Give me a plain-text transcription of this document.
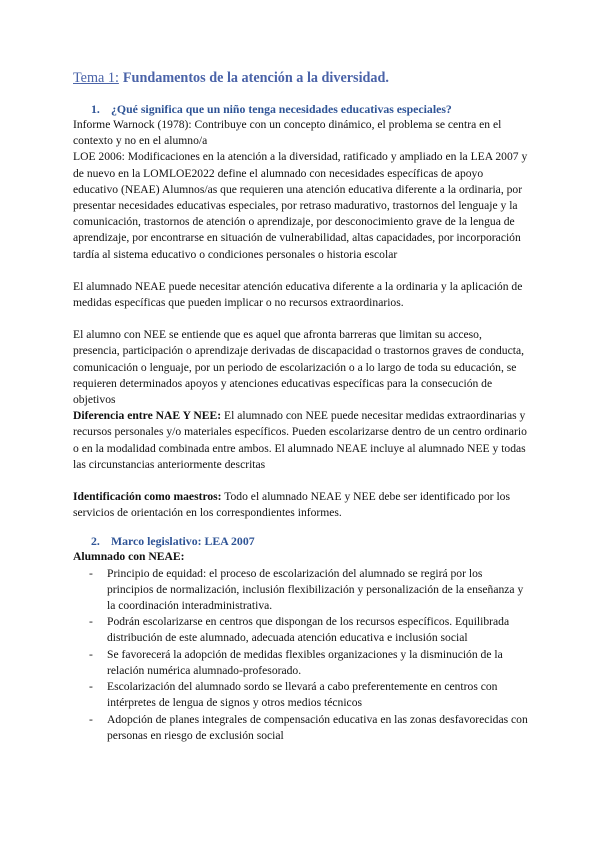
Tema 1: Fundamentos de la atención a la diversidad.
1. ¿Qué significa que un niño tenga necesidades educativas especiales?

Informe Warnock (1978): Contribuye con un concepto dinámico, el problema se centra en el contexto y no en el alumno/a

LOE 2006: Modificaciones en la atención a la diversidad, ratificado y ampliado en la LEA 2007 y de nuevo en la LOMLOE2022 define el alumnado con necesidades específicas de apoyo educativo (NEAE) Alumnos/as que requieren una atención educativa diferente a la ordinaria, por presentar necesidades educativas especiales, por retraso madurativo, trastornos del lenguaje y la comunicación, trastornos de atención o aprendizaje, por desconocimiento grave de la lengua de aprendizaje, por encontrarse en situación de vulnerabilidad, altas capacidades, por incorporación tardía al sistema educativo o condiciones personales o historia escolar

El alumnado NEAE puede necesitar atención educativa diferente a la ordinaria y la aplicación de medidas específicas que pueden implicar o no recursos extraordinarios.

El alumno con NEE se entiende que es aquel que afronta barreras que limitan su acceso, presencia, participación o aprendizaje derivadas de discapacidad o trastornos graves de conducta, comunicación o lenguaje, por un periodo de escolarización o a lo largo de toda su educación, se requieren determinados apoyos y atenciones educativas específicas para la consecución de objetivos

Diferencia entre NAE Y NEE: El alumnado con NEE puede necesitar medidas extraordinarias y recursos personales y/o materiales específicos. Pueden escolarizarse dentro de un centro ordinario o en la modalidad combinada entre ambos. El alumnado NEAE incluye al alumnado NEE y todas las circunstancias anteriormente descritas

Identificación como maestros: Todo el alumnado NEAE y NEE debe ser identificado por los servicios de orientación en los correspondientes informes.

2. Marco legislativo: LEA 2007

Alumnado con NEAE:

- Principio de equidad: el proceso de escolarización del alumnado se regirá por los principios de normalización, inclusión flexibilización y personalización de la enseñanza y la coordinación interadministrativa.
- Podrán escolarizarse en centros que dispongan de los recursos específicos. Equilibrada distribución de este alumnado, adecuada atención educativa e inclusión social
- Se favorecerá la adopción de medidas flexibles organizaciones y la disminución de la relación numérica alumnado-profesorado.
- Escolarización del alumnado sordo se llevará a cabo preferentemente en centros con intérpretes de lengua de signos y otros medios técnicos
- Adopción de planes integrales de compensación educativa en las zonas desfavorecidas con personas en riesgo de exclusión social
